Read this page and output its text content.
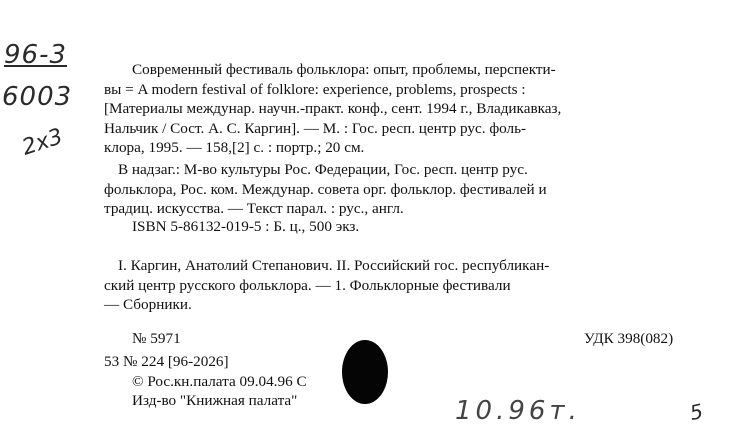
96-3
6003
2x3
Современный фестиваль фольклора: опыт, проблемы, перспекти-
вы = A modern festival of folklore: experience, problems, prospects :
[Материалы междунар. научн.-практ. конф., сент. 1994 г., Владикавказ,
Нальчик / Сост. А. С. Каргин]. — М. : Гос. респ. центр рус. фоль-
клора, 1995. — 158,[2] с. : портр.; 20 см.
В надзаг.: М-во культуры Рос. Федерации, Гос. респ. центр рус.
фольклора, Рос. ком. Междунар. совета орг. фольклор. фестивалей и
традиц. искусства. — Текст парал. : рус., англ.
ISBN 5-86132-019-5 : Б. ц., 500 экз.
I. Каргин, Анатолий Степанович. II. Российский гос. республикан-
ский центр русского фольклора. — 1. Фольклорные фестивали
— Сборники.
№ 5971	УДК 398(082)
53 № 224 [96-2026]
© Рос.кн.палата 09.04.96 С
Изд-во "Книжная палата"	10.96т.	5
